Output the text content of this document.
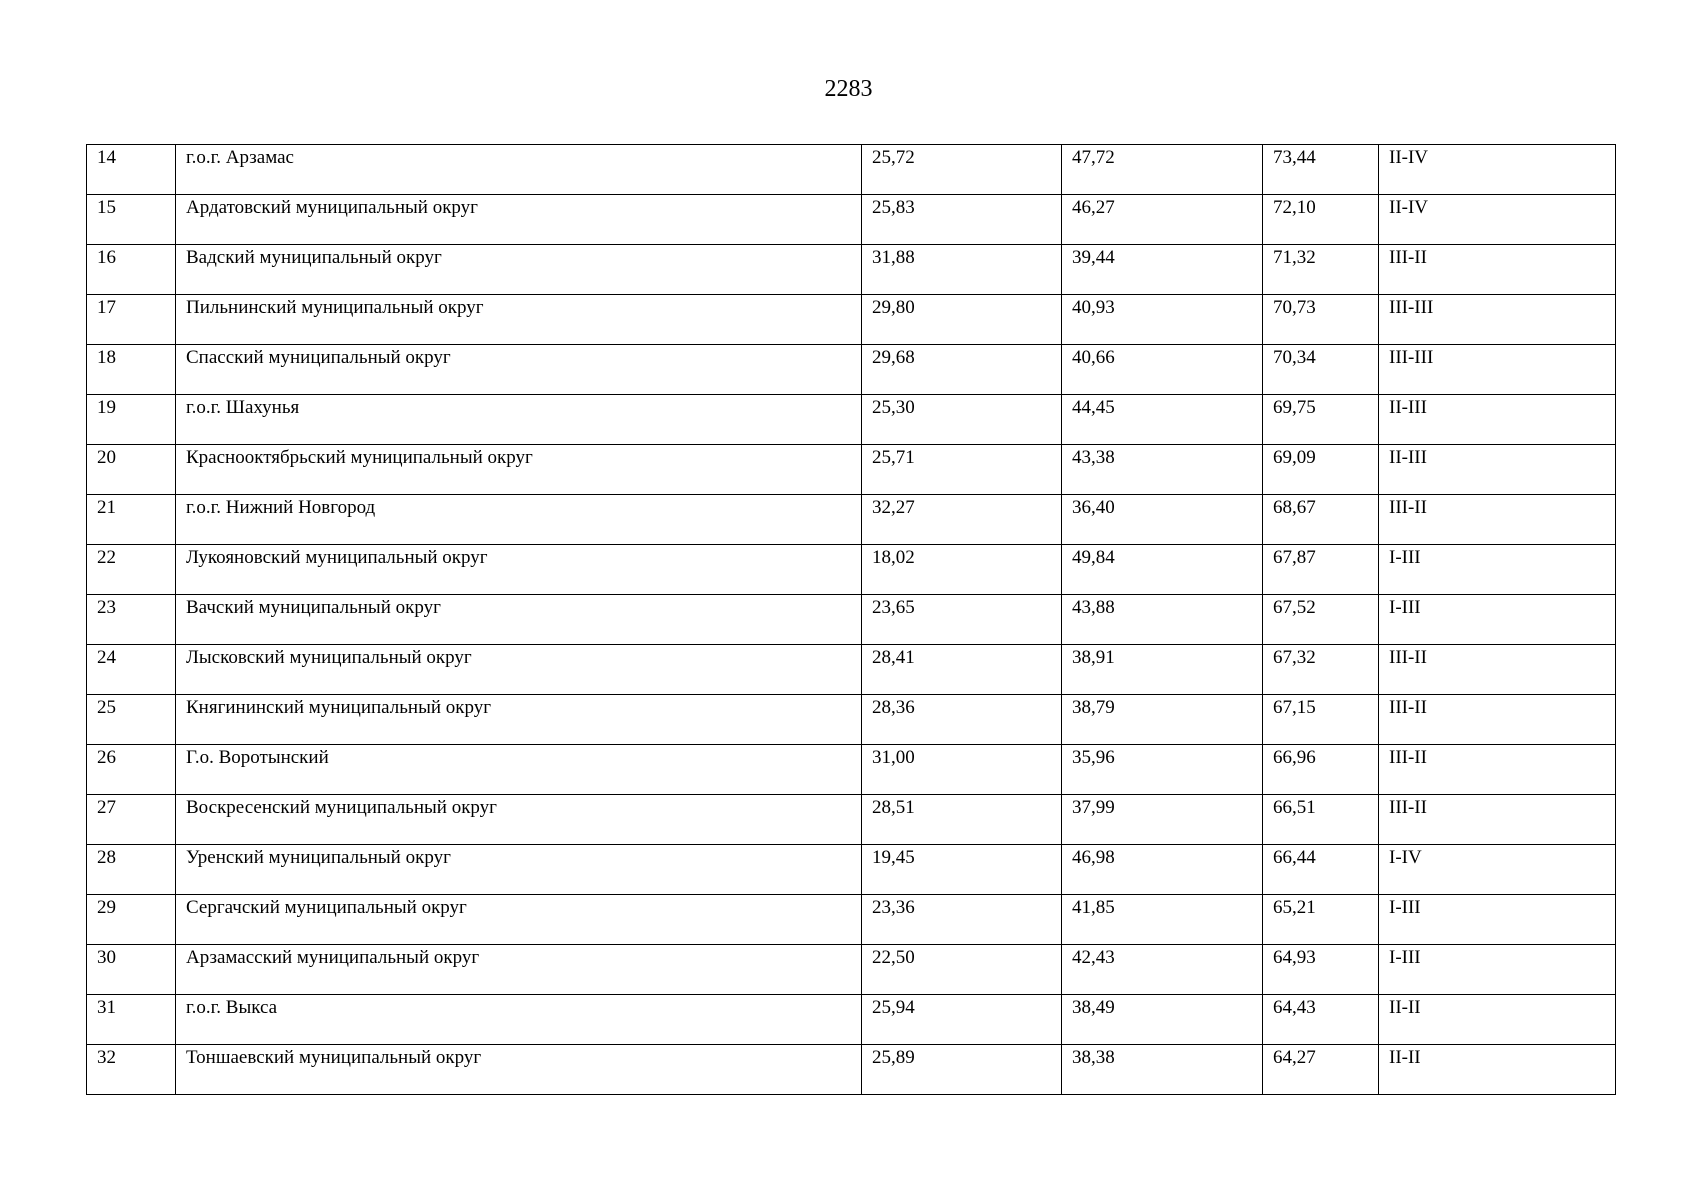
2283
14	г.о.г. Арзамас	25,72	47,72	73,44	II-IV
15	Ардатовский муниципальный округ	25,83	46,27	72,10	II-IV
16	Вадский муниципальный округ	31,88	39,44	71,32	III-II
17	Пильнинский муниципальный округ	29,80	40,93	70,73	III-III
18	Спасский муниципальный округ	29,68	40,66	70,34	III-III
19	г.о.г. Шахунья	25,30	44,45	69,75	II-III
20	Краснооктябрьский муниципальный округ	25,71	43,38	69,09	II-III
21	г.о.г. Нижний Новгород	32,27	36,40	68,67	III-II
22	Лукояновский муниципальный округ	18,02	49,84	67,87	I-III
23	Вачский муниципальный округ	23,65	43,88	67,52	I-III
24	Лысковский муниципальный округ	28,41	38,91	67,32	III-II
25	Княгининский муниципальный округ	28,36	38,79	67,15	III-II
26	Г.о. Воротынский	31,00	35,96	66,96	III-II
27	Воскресенский муниципальный округ	28,51	37,99	66,51	III-II
28	Уренский муниципальный округ	19,45	46,98	66,44	I-IV
29	Сергачский муниципальный округ	23,36	41,85	65,21	I-III
30	Арзамасский муниципальный округ	22,50	42,43	64,93	I-III
31	г.о.г. Выкса	25,94	38,49	64,43	II-II
32	Тоншаевский муниципальный округ	25,89	38,38	64,27	II-II
